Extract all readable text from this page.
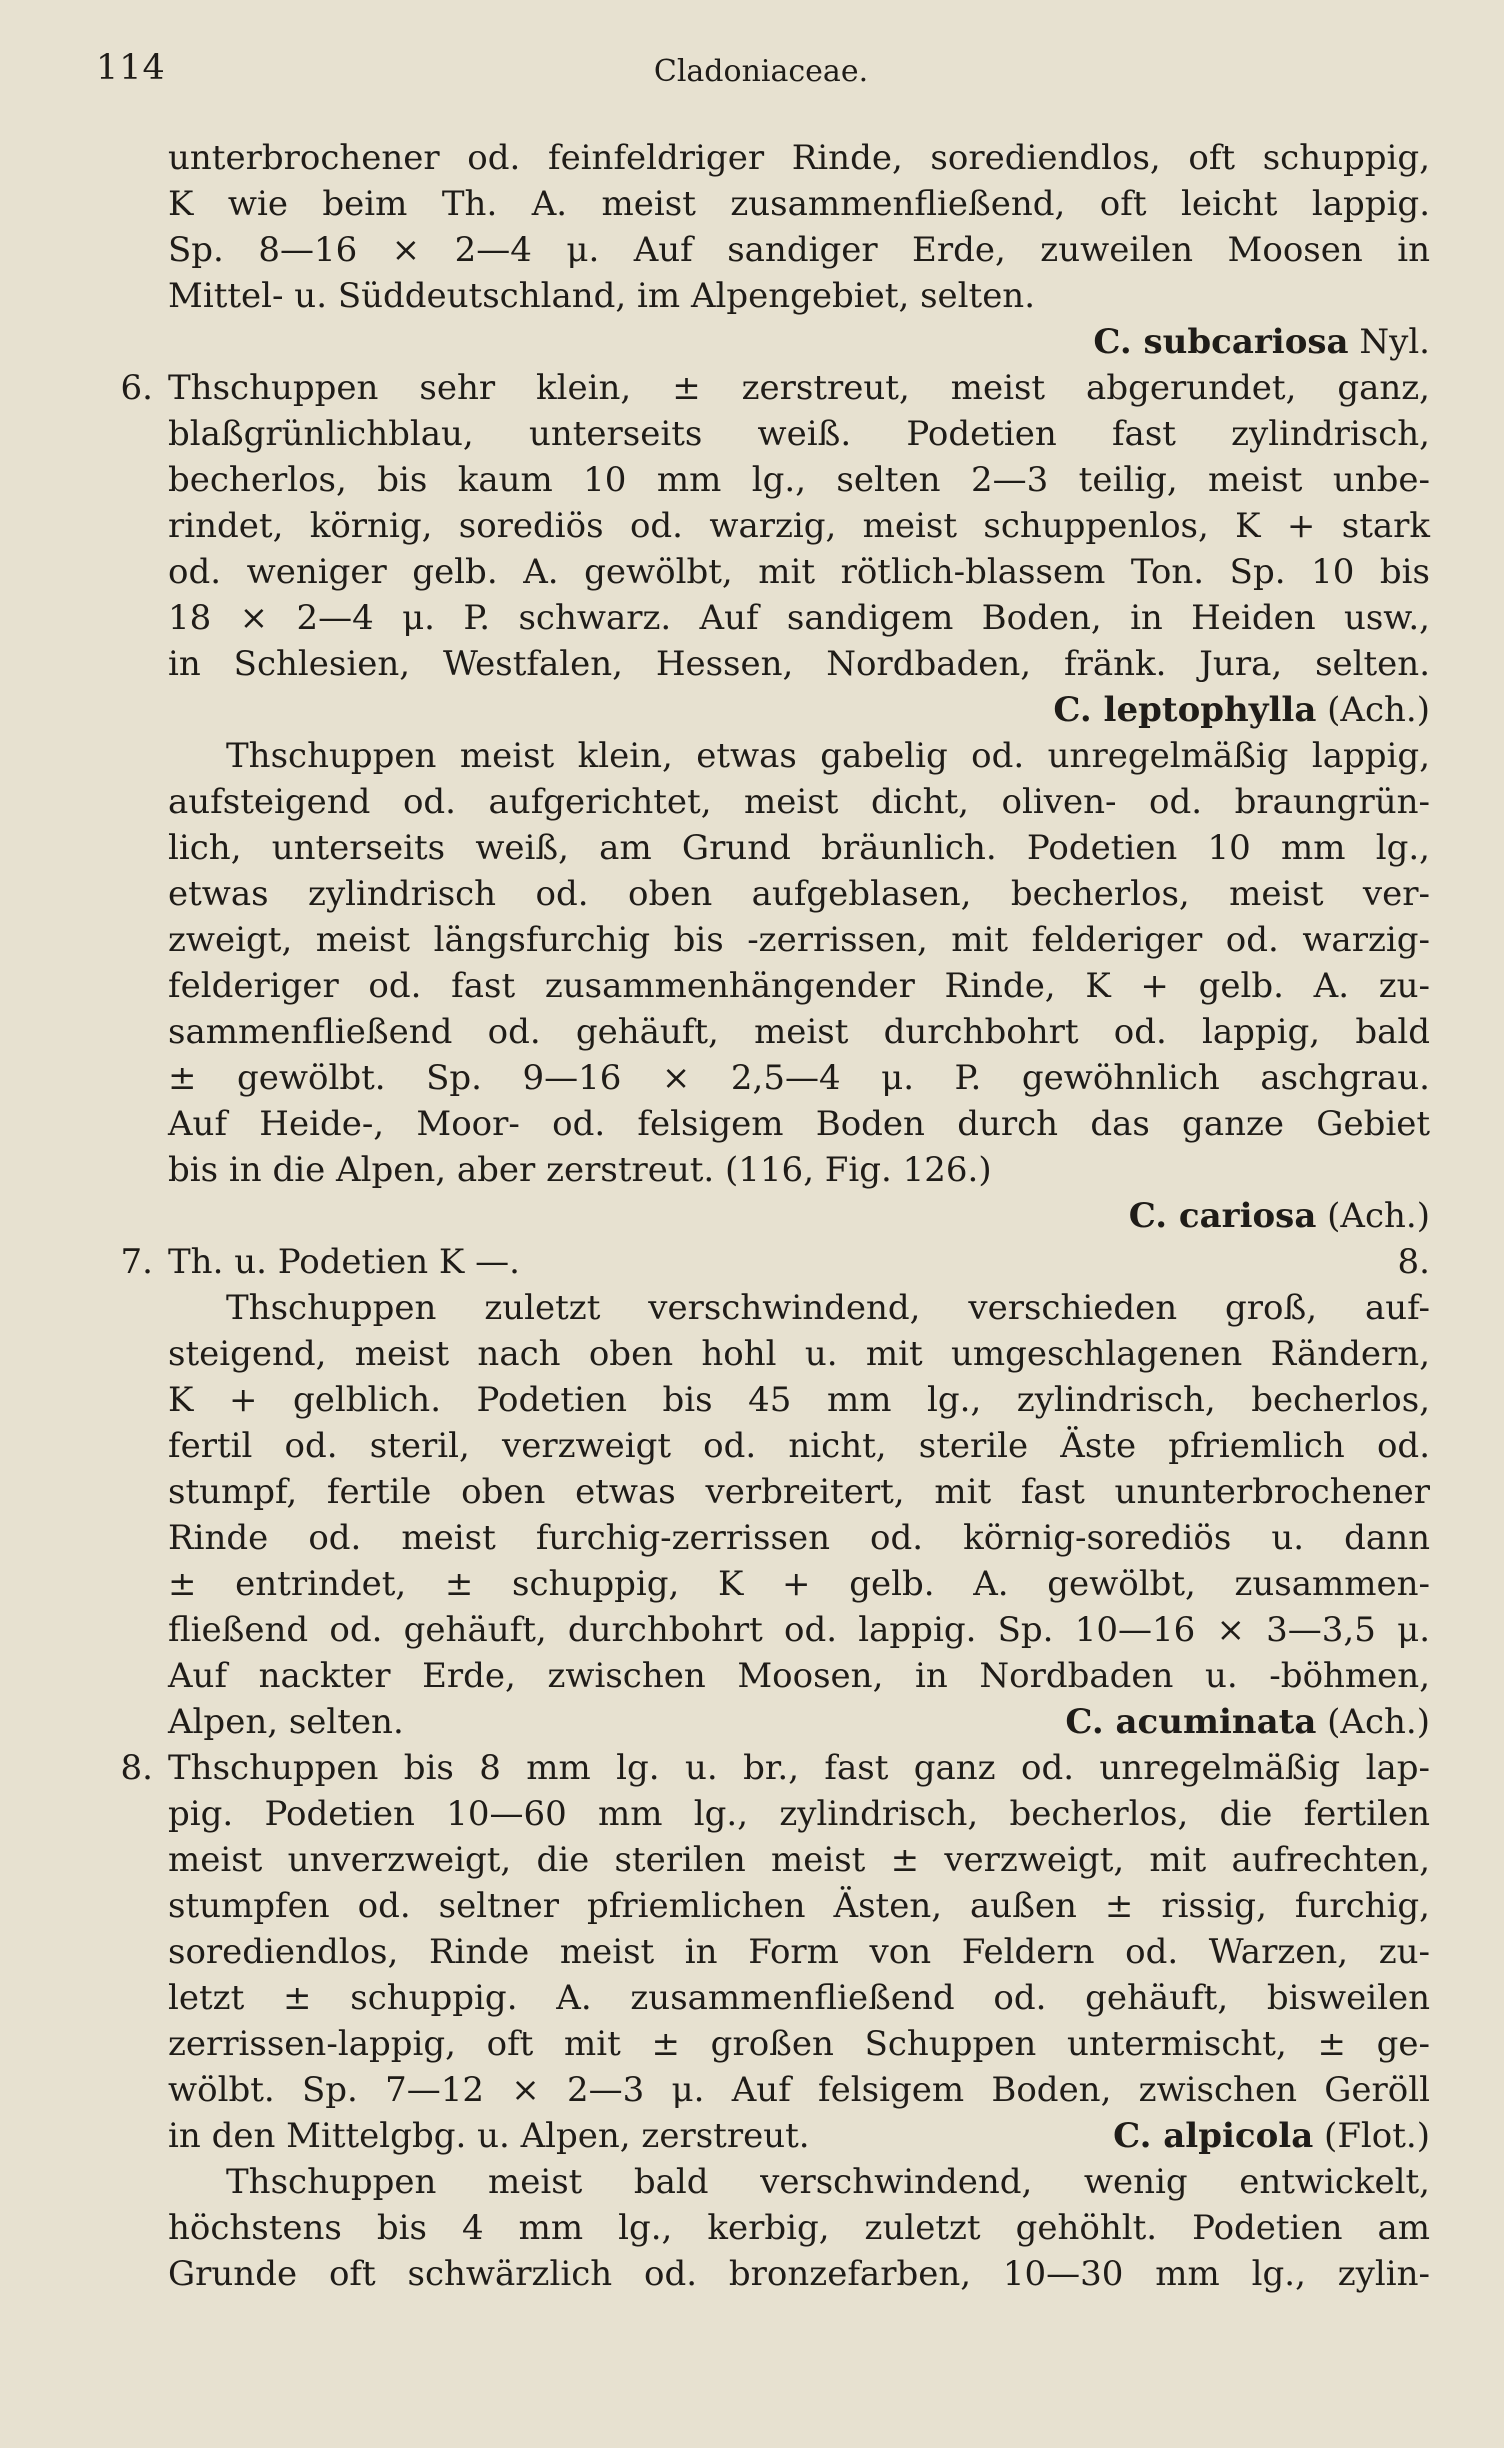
114	Cladoniaceae.
unterbrochener od. feinfeldriger Rinde, sorediendlos, oft schuppig,
K wie beim Th. A. meist zusammenfließend, oft leicht lappig.
Sp. 8—16 × 2—4 μ. Auf sandiger Erde, zuweilen Moosen in
Mittel- u. Süddeutschland, im Alpengebiet, selten.
C. subcariosa Nyl.
6. Thschuppen sehr klein, ± zerstreut, meist abgerundet, ganz,
blaßgrünlichblau, unterseits weiß. Podetien fast zylindrisch,
becherlos, bis kaum 10 mm lg., selten 2—3 teilig, meist unbe-
rindet, körnig, sorediös od. warzig, meist schuppenlos, K + stark
od. weniger gelb. A. gewölbt, mit rötlich-blassem Ton. Sp. 10 bis
18 × 2—4 μ. P. schwarz. Auf sandigem Boden, in Heiden usw.,
in Schlesien, Westfalen, Hessen, Nordbaden, fränk. Jura, selten.
C. leptophylla (Ach.)
Thschuppen meist klein, etwas gabelig od. unregelmäßig lappig,
aufsteigend od. aufgerichtet, meist dicht, oliven- od. braungrün-
lich, unterseits weiß, am Grund bräunlich. Podetien 10 mm lg.,
etwas zylindrisch od. oben aufgeblasen, becherlos, meist ver-
zweigt, meist längsfurchig bis -zerrissen, mit felderiger od. warzig-
felderiger od. fast zusammenhängender Rinde, K + gelb. A. zu-
sammenfließend od. gehäuft, meist durchbohrt od. lappig, bald
± gewölbt. Sp. 9—16 × 2,5—4 μ. P. gewöhnlich aschgrau.
Auf Heide-, Moor- od. felsigem Boden durch das ganze Gebiet
bis in die Alpen, aber zerstreut. (116, Fig. 126.)
C. cariosa (Ach.)
7. Th. u. Podetien K —.	8.
Thschuppen zuletzt verschwindend, verschieden groß, auf-
steigend, meist nach oben hohl u. mit umgeschlagenen Rändern,
K + gelblich. Podetien bis 45 mm lg., zylindrisch, becherlos,
fertil od. steril, verzweigt od. nicht, sterile Äste pfriemlich od.
stumpf, fertile oben etwas verbreitert, mit fast ununterbrochener
Rinde od. meist furchig-zerrissen od. körnig-sorediös u. dann
± entrindet, ± schuppig, K + gelb. A. gewölbt, zusammen-
fließend od. gehäuft, durchbohrt od. lappig. Sp. 10—16 × 3—3,5 μ.
Auf nackter Erde, zwischen Moosen, in Nordbaden u. -böhmen,
Alpen, selten.	C. acuminata (Ach.)
8. Thschuppen bis 8 mm lg. u. br., fast ganz od. unregelmäßig lap-
pig. Podetien 10—60 mm lg., zylindrisch, becherlos, die fertilen
meist unverzweigt, die sterilen meist ± verzweigt, mit aufrechten,
stumpfen od. seltner pfriemlichen Ästen, außen ± rissig, furchig,
sorediendlos, Rinde meist in Form von Feldern od. Warzen, zu-
letzt ± schuppig. A. zusammenfließend od. gehäuft, bisweilen
zerrissen-lappig, oft mit ± großen Schuppen untermischt, ± ge-
wölbt. Sp. 7—12 × 2—3 μ. Auf felsigem Boden, zwischen Geröll
in den Mittelgbg. u. Alpen, zerstreut.	C. alpicola (Flot.)
Thschuppen meist bald verschwindend, wenig entwickelt,
höchstens bis 4 mm lg., kerbig, zuletzt gehöhlt. Podetien am
Grunde oft schwärzlich od. bronzefarben, 10—30 mm lg., zylin-
